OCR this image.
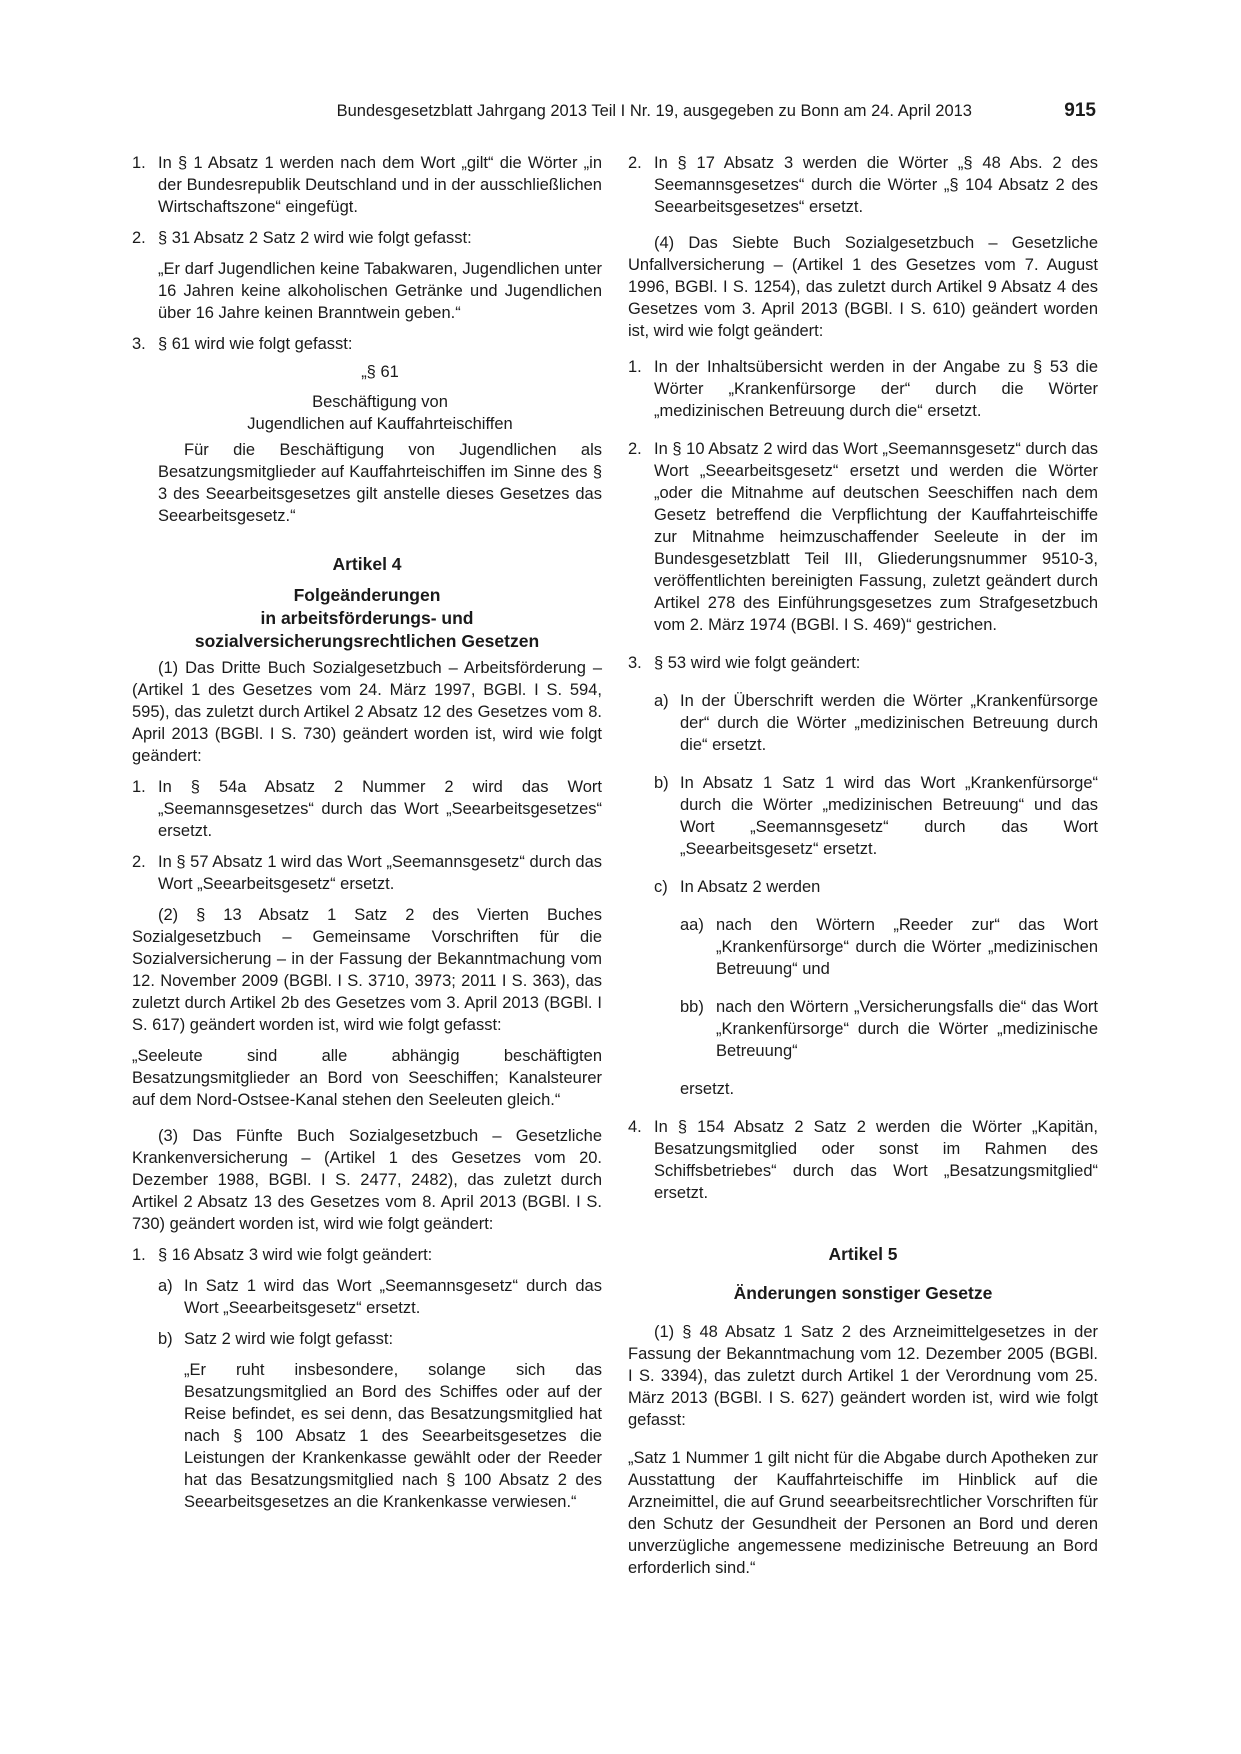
Bundesgesetzblatt Jahrgang 2013 Teil I Nr. 19, ausgegeben zu Bonn am 24. April 2013	915
1. In § 1 Absatz 1 werden nach dem Wort „gilt“ die Wörter „in der Bundesrepublik Deutschland und in der ausschließlichen Wirtschaftszone“ eingefügt.
2. § 31 Absatz 2 Satz 2 wird wie folgt gefasst:

„Er darf Jugendlichen keine Tabakwaren, Jugendlichen unter 16 Jahren keine alkoholischen Getränke und Jugendlichen über 16 Jahre keinen Branntwein geben.“

3. § 61 wird wie folgt gefasst:

„§ 61

Beschäftigung von

Jugendlichen auf Kauffahrteischiffen

Für die Beschäftigung von Jugendlichen als Besatzungsmitglieder auf Kauffahrteischiffen im Sinne des § 3 des Seearbeitsgesetzes gilt anstelle dieses Gesetzes das Seearbeitsgesetz.“

Artikel 4

Folgeänderungen

in arbeitsförderungs- und

sozialversicherungsrechtlichen Gesetzen

(1) Das Dritte Buch Sozialgesetzbuch – Arbeitsförderung – (Artikel 1 des Gesetzes vom 24. März 1997, BGBl. I S. 594, 595), das zuletzt durch Artikel 2 Absatz 12 des Gesetzes vom 8. April 2013 (BGBl. I S. 730) geändert worden ist, wird wie folgt geändert:

1. In § 54a Absatz 2 Nummer 2 wird das Wort „Seemannsgesetzes“ durch das Wort „Seearbeitsgesetzes“ ersetzt.
2. In § 57 Absatz 1 wird das Wort „Seemannsgesetz“ durch das Wort „Seearbeitsgesetz“ ersetzt.

(2) § 13 Absatz 1 Satz 2 des Vierten Buches Sozialgesetzbuch – Gemeinsame Vorschriften für die Sozialversicherung – in der Fassung der Bekanntmachung vom 12. November 2009 (BGBl. I S. 3710, 3973; 2011 I S. 363), das zuletzt durch Artikel 2b des Gesetzes vom 3. April 2013 (BGBl. I S. 617) geändert worden ist, wird wie folgt gefasst:

„Seeleute sind alle abhängig beschäftigten Besatzungsmitglieder an Bord von Seeschiffen; Kanalsteurer auf dem Nord-Ostsee-Kanal stehen den Seeleuten gleich.“

(3) Das Fünfte Buch Sozialgesetzbuch – Gesetzliche Krankenversicherung – (Artikel 1 des Gesetzes vom 20. Dezember 1988, BGBl. I S. 2477, 2482), das zuletzt durch Artikel 2 Absatz 13 des Gesetzes vom 8. April 2013 (BGBl. I S. 730) geändert worden ist, wird wie folgt geändert:

1. § 16 Absatz 3 wird wie folgt geändert:
a) In Satz 1 wird das Wort „Seemannsgesetz“ durch das Wort „Seearbeitsgesetz“ ersetzt.
b) Satz 2 wird wie folgt gefasst:

„Er ruht insbesondere, solange sich das Besatzungsmitglied an Bord des Schiffes oder auf der Reise befindet, es sei denn, das Besatzungsmitglied hat nach § 100 Absatz 1 des Seearbeitsgesetzes die Leistungen der Krankenkasse gewählt oder der Reeder hat das Besatzungsmitglied nach § 100 Absatz 2 des Seearbeitsgesetzes an die Krankenkasse verwiesen.“

2. In § 17 Absatz 3 werden die Wörter „§ 48 Abs. 2 des Seemannsgesetzes“ durch die Wörter „§ 104 Absatz 2 des Seearbeitsgesetzes“ ersetzt.

(4) Das Siebte Buch Sozialgesetzbuch – Gesetzliche Unfallversicherung – (Artikel 1 des Gesetzes vom 7. August 1996, BGBl. I S. 1254), das zuletzt durch Artikel 9 Absatz 4 des Gesetzes vom 3. April 2013 (BGBl. I S. 610) geändert worden ist, wird wie folgt geändert:

1. In der Inhaltsübersicht werden in der Angabe zu § 53 die Wörter „Krankenfürsorge der“ durch die Wörter „medizinischen Betreuung durch die“ ersetzt.
2. In § 10 Absatz 2 wird das Wort „Seemannsgesetz“ durch das Wort „Seearbeitsgesetz“ ersetzt und werden die Wörter „oder die Mitnahme auf deutschen Seeschiffen nach dem Gesetz betreffend die Verpflichtung der Kauffahrteischiffe zur Mitnahme heimzuschaffender Seeleute in der im Bundesgesetzblatt Teil III, Gliederungsnummer 9510-3, veröffentlichten bereinigten Fassung, zuletzt geändert durch Artikel 278 des Einführungsgesetzes zum Strafgesetzbuch vom 2. März 1974 (BGBl. I S. 469)“ gestrichen.
3. § 53 wird wie folgt geändert:
a) In der Überschrift werden die Wörter „Krankenfürsorge der“ durch die Wörter „medizinischen Betreuung durch die“ ersetzt.
b) In Absatz 1 Satz 1 wird das Wort „Krankenfürsorge“ durch die Wörter „medizinischen Betreuung“ und das Wort „Seemannsgesetz“ durch das Wort „Seearbeitsgesetz“ ersetzt.
c) In Absatz 2 werden
aa) nach den Wörtern „Reeder zur“ das Wort „Krankenfürsorge“ durch die Wörter „medizinischen Betreuung“ und
bb) nach den Wörtern „Versicherungsfalls die“ das Wort „Krankenfürsorge“ durch die Wörter „medizinische Betreuung“

ersetzt.

4. In § 154 Absatz 2 Satz 2 werden die Wörter „Kapitän, Besatzungsmitglied oder sonst im Rahmen des Schiffsbetriebes“ durch das Wort „Besatzungsmitglied“ ersetzt.

Artikel 5

Änderungen sonstiger Gesetze

(1) § 48 Absatz 1 Satz 2 des Arzneimittelgesetzes in der Fassung der Bekanntmachung vom 12. Dezember 2005 (BGBl. I S. 3394), das zuletzt durch Artikel 1 der Verordnung vom 25. März 2013 (BGBl. I S. 627) geändert worden ist, wird wie folgt gefasst:

„Satz 1 Nummer 1 gilt nicht für die Abgabe durch Apotheken zur Ausstattung der Kauffahrteischiffe im Hinblick auf die Arzneimittel, die auf Grund seearbeitsrechtlicher Vorschriften für den Schutz der Gesundheit der Personen an Bord und deren unverzügliche angemessene medizinische Betreuung an Bord erforderlich sind.“
